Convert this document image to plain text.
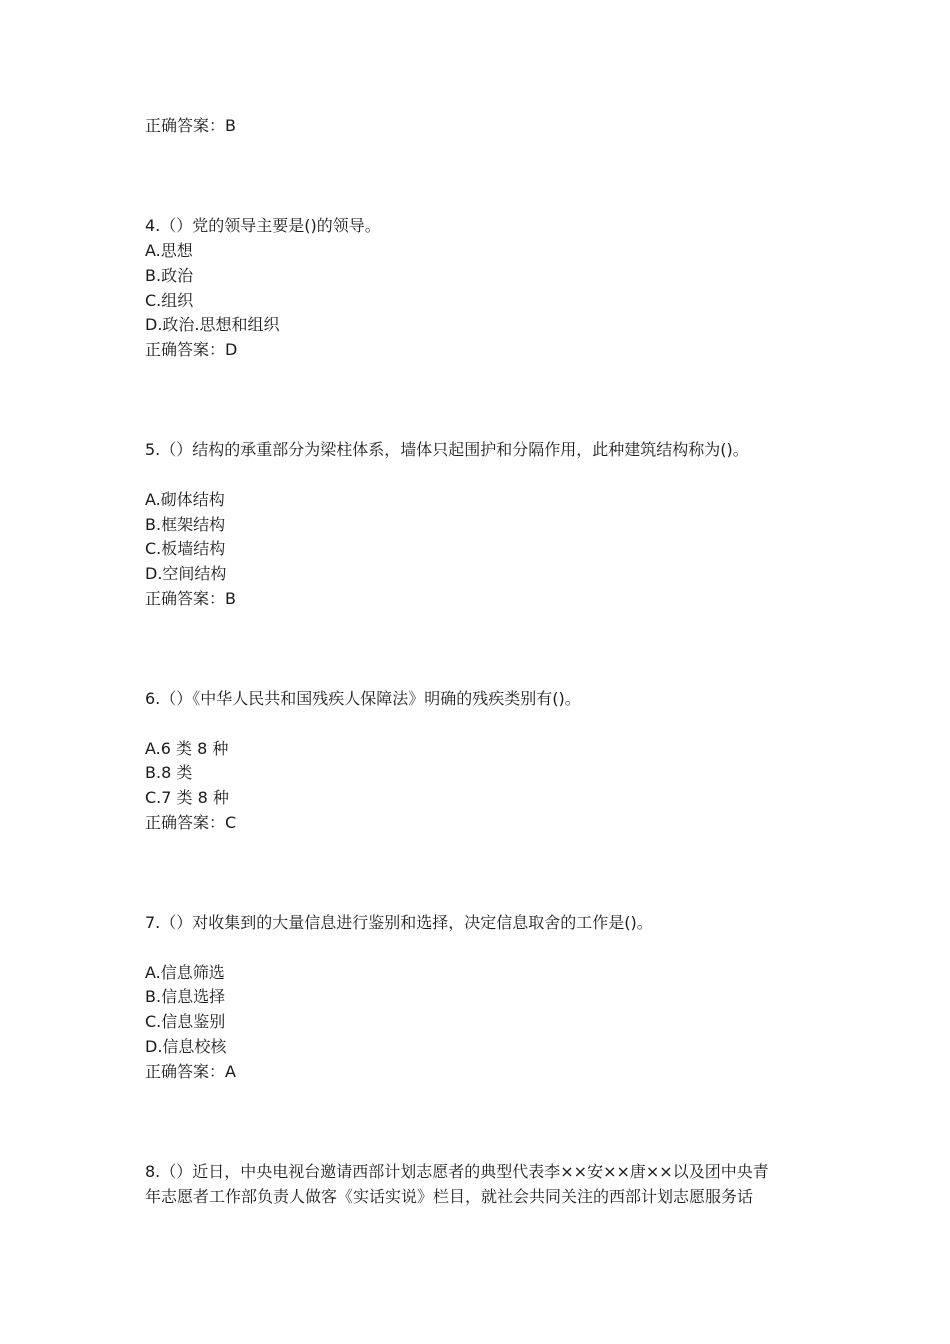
正确答案：B
4.（）党的领导主要是()的领导。
A.思想
B.政治
C.组织
D.政治.思想和组织
正确答案：D
5.（）结构的承重部分为梁柱体系，墙体只起围护和分隔作用，此种建筑结构称为()。
A.砌体结构
B.框架结构
C.板墙结构
D.空间结构
正确答案：B
6.（）《中华人民共和国残疾人保障法》明确的残疾类别有()。
A.6 类 8 种
B.8 类
C.7 类 8 种
正确答案：C
7.（）对收集到的大量信息进行鉴别和选择，决定信息取舍的工作是()。
A.信息筛选
B.信息选择
C.信息鉴别
D.信息校核
正确答案：A
8.（）近日，中央电视台邀请西部计划志愿者的典型代表李××安××唐××以及团中央青
年志愿者工作部负责人做客《实话实说》栏目，就社会共同关注的西部计划志愿服务话
